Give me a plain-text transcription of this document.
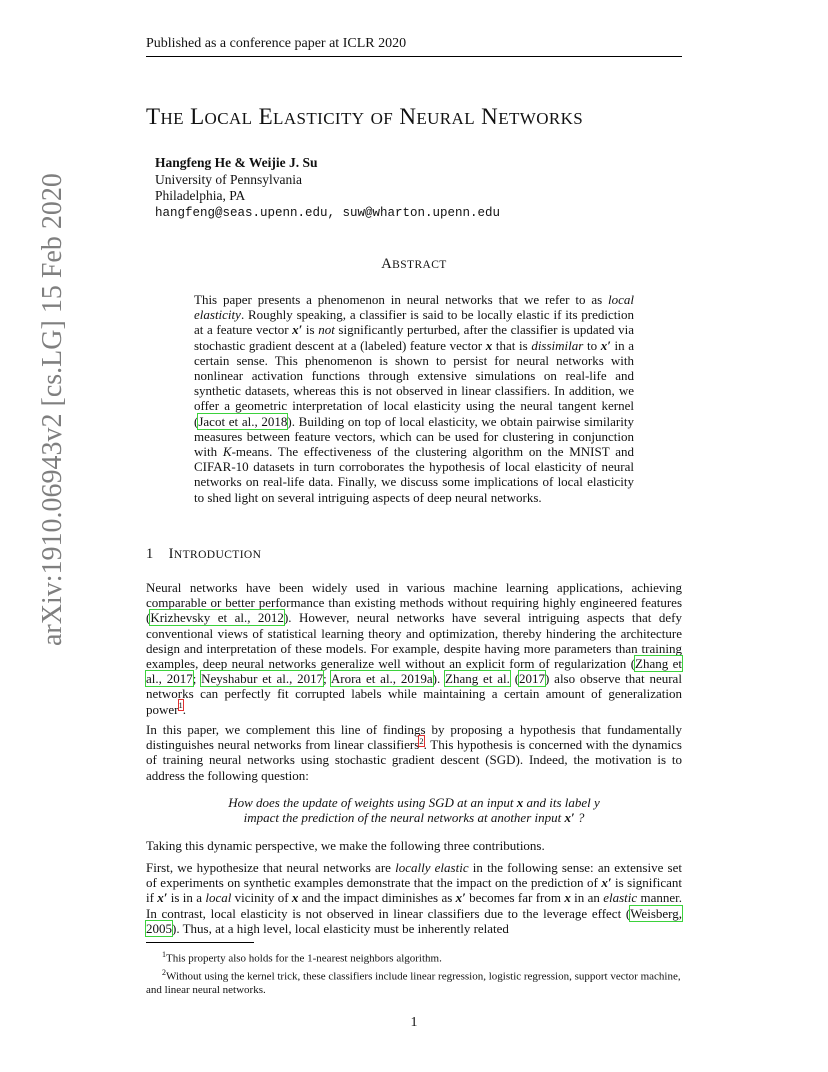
arXiv:1910.06943v2 [cs.LG] 15 Feb 2020
Published as a conference paper at ICLR 2020
THE LOCAL ELASTICITY OF NEURAL NETWORKS
Hangfeng He & Weijie J. Su
University of Pennsylvania
Philadelphia, PA
hangfeng@seas.upenn.edu, suw@wharton.upenn.edu
ABSTRACT
This paper presents a phenomenon in neural networks that we refer to as local elasticity. Roughly speaking, a classifier is said to be locally elastic if its prediction at a feature vector x′ is not significantly perturbed, after the classifier is updated via stochastic gradient descent at a (labeled) feature vector x that is dissimilar to x′ in a certain sense. This phenomenon is shown to persist for neural networks with nonlinear activation functions through extensive simulations on real-life and synthetic datasets, whereas this is not observed in linear classifiers. In addition, we offer a geometric interpretation of local elasticity using the neural tangent kernel (Jacot et al., 2018). Building on top of local elasticity, we obtain pairwise similarity measures between feature vectors, which can be used for clustering in conjunction with K-means. The effectiveness of the clustering algorithm on the MNIST and CIFAR-10 datasets in turn corroborates the hypothesis of local elasticity of neural networks on real-life data. Finally, we discuss some implications of local elasticity to shed light on several intriguing aspects of deep neural networks.
1 INTRODUCTION
Neural networks have been widely used in various machine learning applications, achieving comparable or better performance than existing methods without requiring highly engineered features (Krizhevsky et al., 2012). However, neural networks have several intriguing aspects that defy conventional views of statistical learning theory and optimization, thereby hindering the architecture design and interpretation of these models. For example, despite having more parameters than training examples, deep neural networks generalize well without an explicit form of regularization (Zhang et al., 2017; Neyshabur et al., 2017; Arora et al., 2019a). Zhang et al. (2017) also observe that neural networks can perfectly fit corrupted labels while maintaining a certain amount of generalization power$^1$.
In this paper, we complement this line of findings by proposing a hypothesis that fundamentally distinguishes neural networks from linear classifiers$^2$. This hypothesis is concerned with the dynamics of training neural networks using stochastic gradient descent (SGD). Indeed, the motivation is to address the following question:
How does the update of weights using SGD at an input x and its label y
impact the prediction of the neural networks at another input x′ ?
Taking this dynamic perspective, we make the following three contributions.
First, we hypothesize that neural networks are locally elastic in the following sense: an extensive set of experiments on synthetic examples demonstrate that the impact on the prediction of x′ is significant if x′ is in a local vicinity of x and the impact diminishes as x′ becomes far from x in an elastic manner. In contrast, local elasticity is not observed in linear classifiers due to the leverage effect (Weisberg, 2005). Thus, at a high level, local elasticity must be inherently related
$^1$This property also holds for the 1-nearest neighbors algorithm.
$^2$Without using the kernel trick, these classifiers include linear regression, logistic regression, support vector machine, and linear neural networks.
1
